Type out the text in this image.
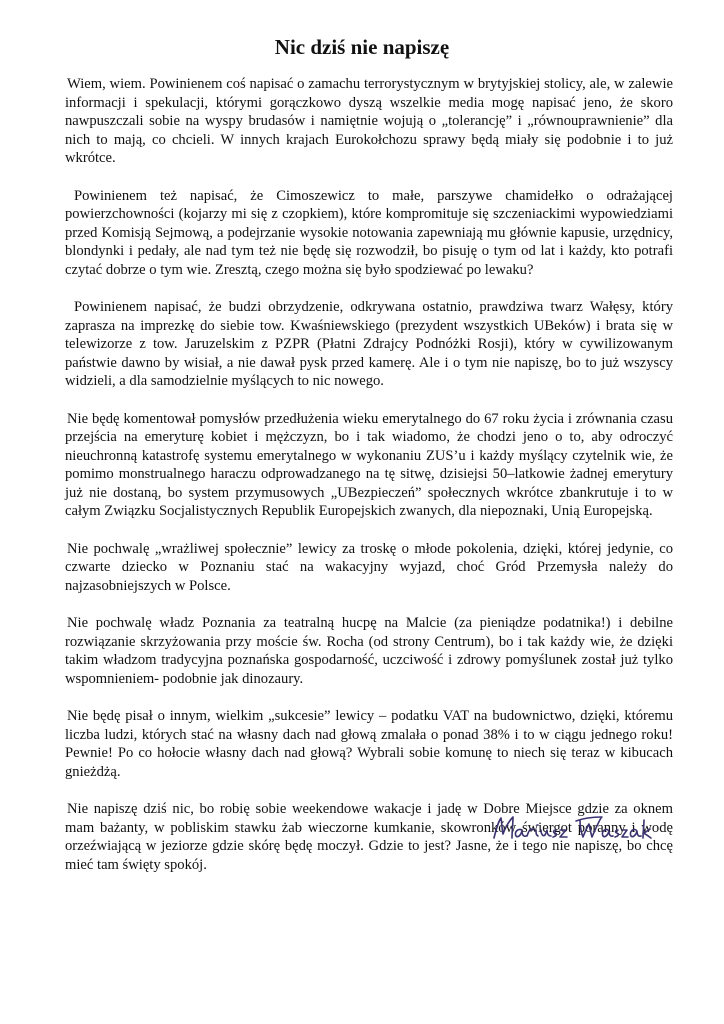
Nic dziś nie napiszę

Wiem, wiem. Powinienem coś napisać o zamachu terrorystycznym w brytyjskiej stolicy, ale, w zalewie informacji i spekulacji, którymi gorączkowo dyszą wszelkie media mogę napisać jeno, że skoro nawpuszczali sobie na wyspy brudasów i namiętnie wojują o „tolerancję” i „równouprawnienie” dla nich to mają, co chcieli. W innych krajach Eurokołchozu sprawy będą miały się podobnie i to już wkrótce.

Powinienem też napisać, że Cimoszewicz to małe, parszywe chamidełko o odrażającej powierzchowności (kojarzy mi się z czopkiem), które kompromituje się szczeniackimi wypowiedziami przed Komisją Sejmową, a podejrzanie wysokie notowania zapewniają mu głównie kapusie, urzędnicy, blondynki i pedały, ale nad tym też nie będę się rozwodził, bo pisuję o tym od lat i każdy, kto potrafi czytać dobrze o tym wie. Zresztą, czego można się było spodziewać po lewaku?

Powinienem napisać, że budzi obrzydzenie, odkrywana ostatnio, prawdziwa twarz Wałęsy, który zaprasza na imprezkę do siebie tow. Kwaśniewskiego (prezydent wszystkich UBeków) i brata się w telewizorze z tow. Jaruzelskim z PZPR (Płatni Zdrajcy Podnóżki Rosji), który w cywilizowanym państwie dawno by wisiał, a nie dawał pysk przed kamerę. Ale i o tym nie napiszę, bo to już wszyscy widzieli, a dla samodzielnie myślących to nic nowego.

Nie będę komentował pomysłów przedłużenia wieku emerytalnego do 67 roku życia i zrównania czasu przejścia na emeryturę kobiet i mężczyzn, bo i tak wiadomo, że chodzi jeno o to, aby odroczyć nieuchronną katastrofę systemu emerytalnego w wykonaniu ZUS’u i każdy myślący czytelnik wie, że pomimo monstrualnego haraczu odprowadzanego na tę sitwę, dzisiejsi 50–latkowie żadnej emerytury już nie dostaną, bo system przymusowych „UBezpieczeń” społecznych wkrótce zbankrutuje i to w całym Związku Socjalistycznych Republik Europejskich zwanych, dla niepoznaki, Unią Europejską.

Nie pochwalę „wrażliwej społecznie” lewicy za troskę o młode pokolenia, dzięki, której jedynie, co czwarte dziecko w Poznaniu stać na wakacyjny wyjazd, choć Gród Przemysła należy do najzasobniejszych w Polsce.

Nie pochwalę władz Poznania za teatralną hucpę na Malcie (za pieniądze podatnika!) i debilne rozwiązanie skrzyżowania przy moście św. Rocha (od strony Centrum), bo i tak każdy wie, że dzięki takim władzom tradycyjna poznańska gospodarność, uczciwość i zdrowy pomyślunek został już tylko wspomnieniem- podobnie jak dinozaury.

Nie będę pisał o innym, wielkim „sukcesie” lewicy – podatku VAT na budownictwo, dzięki, któremu liczba ludzi, których stać na własny dach nad głową zmalała o ponad 38% i to w ciągu jednego roku! Pewnie! Po co hołocie własny dach nad głową? Wybrali sobie komunę to niech się teraz w kibucach gnieżdżą.

Nie napiszę dziś nic, bo robię sobie weekendowe wakacje i jadę w Dobre Miejsce gdzie za oknem mam bażanty, w pobliskim stawku żab wieczorne kumkanie, skowronków świergot poranny i wodę orzeźwiającą w jeziorze gdzie skórę będę moczył. Gdzie to jest? Jasne, że i tego nie napiszę, bo chcę mieć tam święty spokój.
